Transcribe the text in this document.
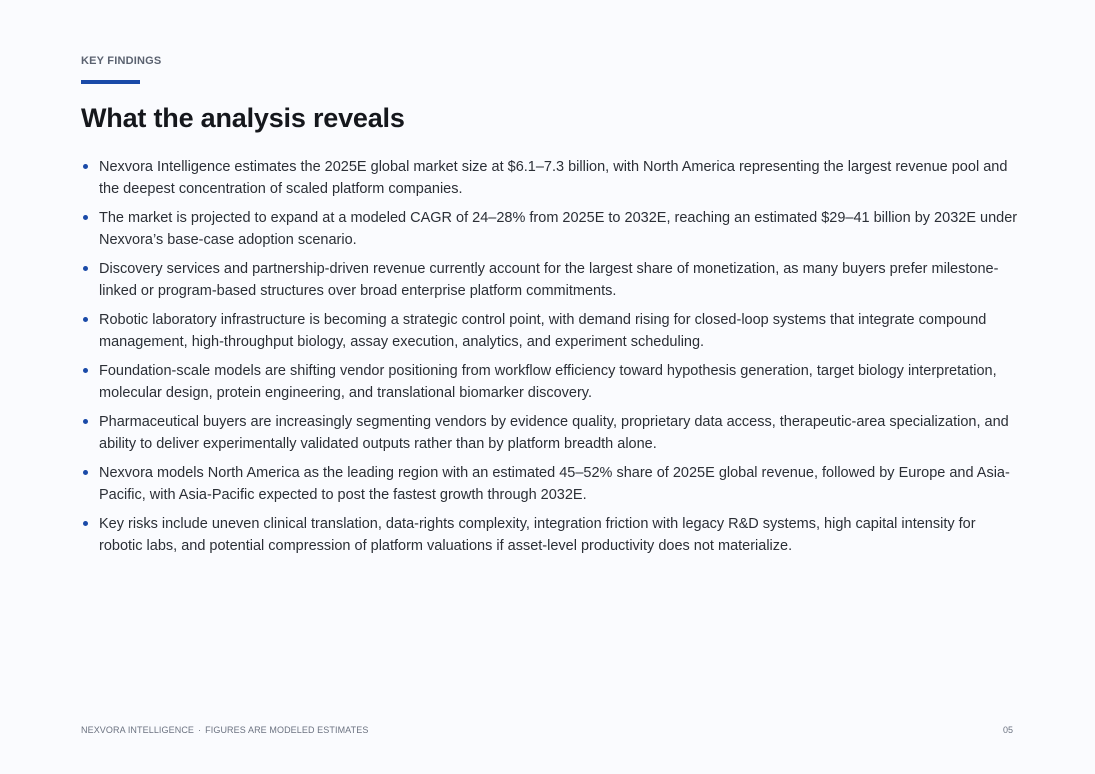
KEY FINDINGS
What the analysis reveals
Nexvora Intelligence estimates the 2025E global market size at $6.1–7.3 billion, with North America representing the largest revenue pool and the deepest concentration of scaled platform companies.
The market is projected to expand at a modeled CAGR of 24–28% from 2025E to 2032E, reaching an estimated $29–41 billion by 2032E under Nexvora’s base-case adoption scenario.
Discovery services and partnership-driven revenue currently account for the largest share of monetization, as many buyers prefer milestone-linked or program-based structures over broad enterprise platform commitments.
Robotic laboratory infrastructure is becoming a strategic control point, with demand rising for closed-loop systems that integrate compound management, high-throughput biology, assay execution, analytics, and experiment scheduling.
Foundation-scale models are shifting vendor positioning from workflow efficiency toward hypothesis generation, target biology interpretation, molecular design, protein engineering, and translational biomarker discovery.
Pharmaceutical buyers are increasingly segmenting vendors by evidence quality, proprietary data access, therapeutic-area specialization, and ability to deliver experimentally validated outputs rather than by platform breadth alone.
Nexvora models North America as the leading region with an estimated 45–52% share of 2025E global revenue, followed by Europe and Asia-Pacific, with Asia-Pacific expected to post the fastest growth through 2032E.
Key risks include uneven clinical translation, data-rights complexity, integration friction with legacy R&D systems, high capital intensity for robotic labs, and potential compression of platform valuations if asset-level productivity does not materialize.
NEXVORA INTELLIGENCE · FIGURES ARE MODELED ESTIMATES	05
